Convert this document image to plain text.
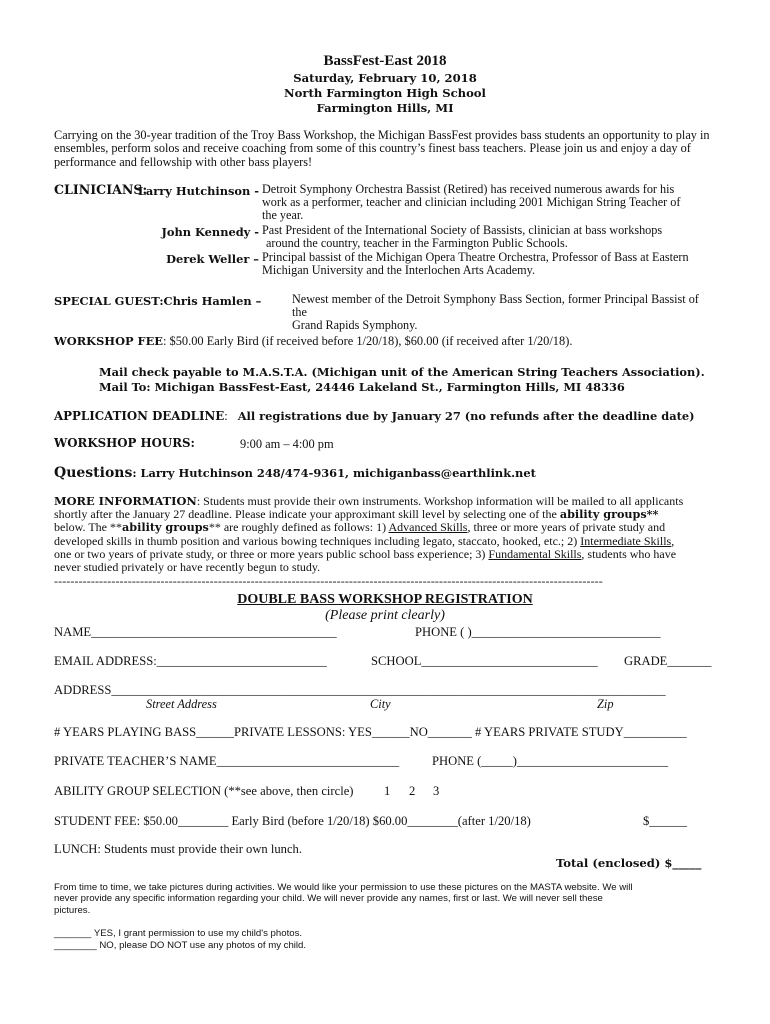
BassFest-East 2018
Saturday, February 10, 2018
North Farmington High School
Farmington Hills, MI
Carrying on the 30-year tradition of the Troy Bass Workshop, the Michigan BassFest provides bass students an opportunity to play in ensembles, perform solos and receive coaching from some of this country’s finest bass teachers. Please join us and enjoy a day of performance and fellowship with other bass players!
CLINICIANS:
Larry Hutchinson - Detroit Symphony Orchestra Bassist (Retired) has received numerous awards for his
work as a performer, teacher and clinician including 2001 Michigan String Teacher of
the year.
John Kennedy - Past President of the International Society of Bassists, clinician at bass workshops
around the country, teacher in the Farmington Public Schools.
Derek Weller – Principal bassist of the Michigan Opera Theatre Orchestra, Professor of Bass at Eastern
Michigan University and the Interlochen Arts Academy.
SPECIAL GUEST:Chris Hamlen –	Newest member of the Detroit Symphony Bass Section, former Principal Bassist of the
Grand Rapids Symphony.
WORKSHOP FEE: $50.00 Early Bird (if received before 1/20/18), $60.00 (if received after 1/20/18).
Mail check payable to M.A.S.T.A. (Michigan unit of the American String Teachers Association).
Mail To: Michigan BassFest-East, 24446 Lakeland St., Farmington Hills, MI 48336
APPLICATION DEADLINE: All registrations due by January 27 (no refunds after the deadline date)
WORKSHOP HOURS:	9:00 am – 4:00 pm
Questions: Larry Hutchinson 248/474-9361, michiganbass@earthlink.net
MORE INFORMATION: Students must provide their own instruments. Workshop information will be mailed to all applicants
shortly after the January 27 deadline. Please indicate your approximant skill level by selecting one of the ability groups**
below. The **ability groups** are roughly defined as follows: 1) Advanced Skills, three or more years of private study and
developed skills in thumb position and various bowing techniques including legato, staccato, hooked, etc.; 2) Intermediate Skills,
one or two years of private study, or three or more years public school bass experience; 3) Fundamental Skills, students who have
never studied privately or have recently begun to study.
--------------------------------------------------------------------------------------------------------------------------------------
DOUBLE BASS WORKSHOP REGISTRATION
(Please print clearly)
NAME_______________________________________	PHONE ( )______________________________
EMAIL ADDRESS:___________________________	SCHOOL____________________________ GRADE_______
ADDRESS________________________________________________________________________________________
Street Address	City	Zip
# YEARS PLAYING BASS______PRIVATE LESSONS: YES______NO_______ # YEARS PRIVATE STUDY__________
PRIVATE TEACHER’S NAME_____________________________	PHONE (_____)________________________
ABILITY GROUP SELECTION (**see above, then circle) 1 2 3
STUDENT FEE: $50.00________ Early Bird (before 1/20/18) $60.00________(after 1/20/18)	$______
LUNCH: Students must provide their own lunch.
Total (enclosed) $_____
From time to time, we take pictures during activities. We would like your permission to use these pictures on the MASTA website. We will
never provide any specific information regarding your child. We will never provide any names, first or last. We will never sell these
pictures.
_______ YES, I grant permission to use my child's photos.
________ NO, please DO NOT use any photos of my child.
